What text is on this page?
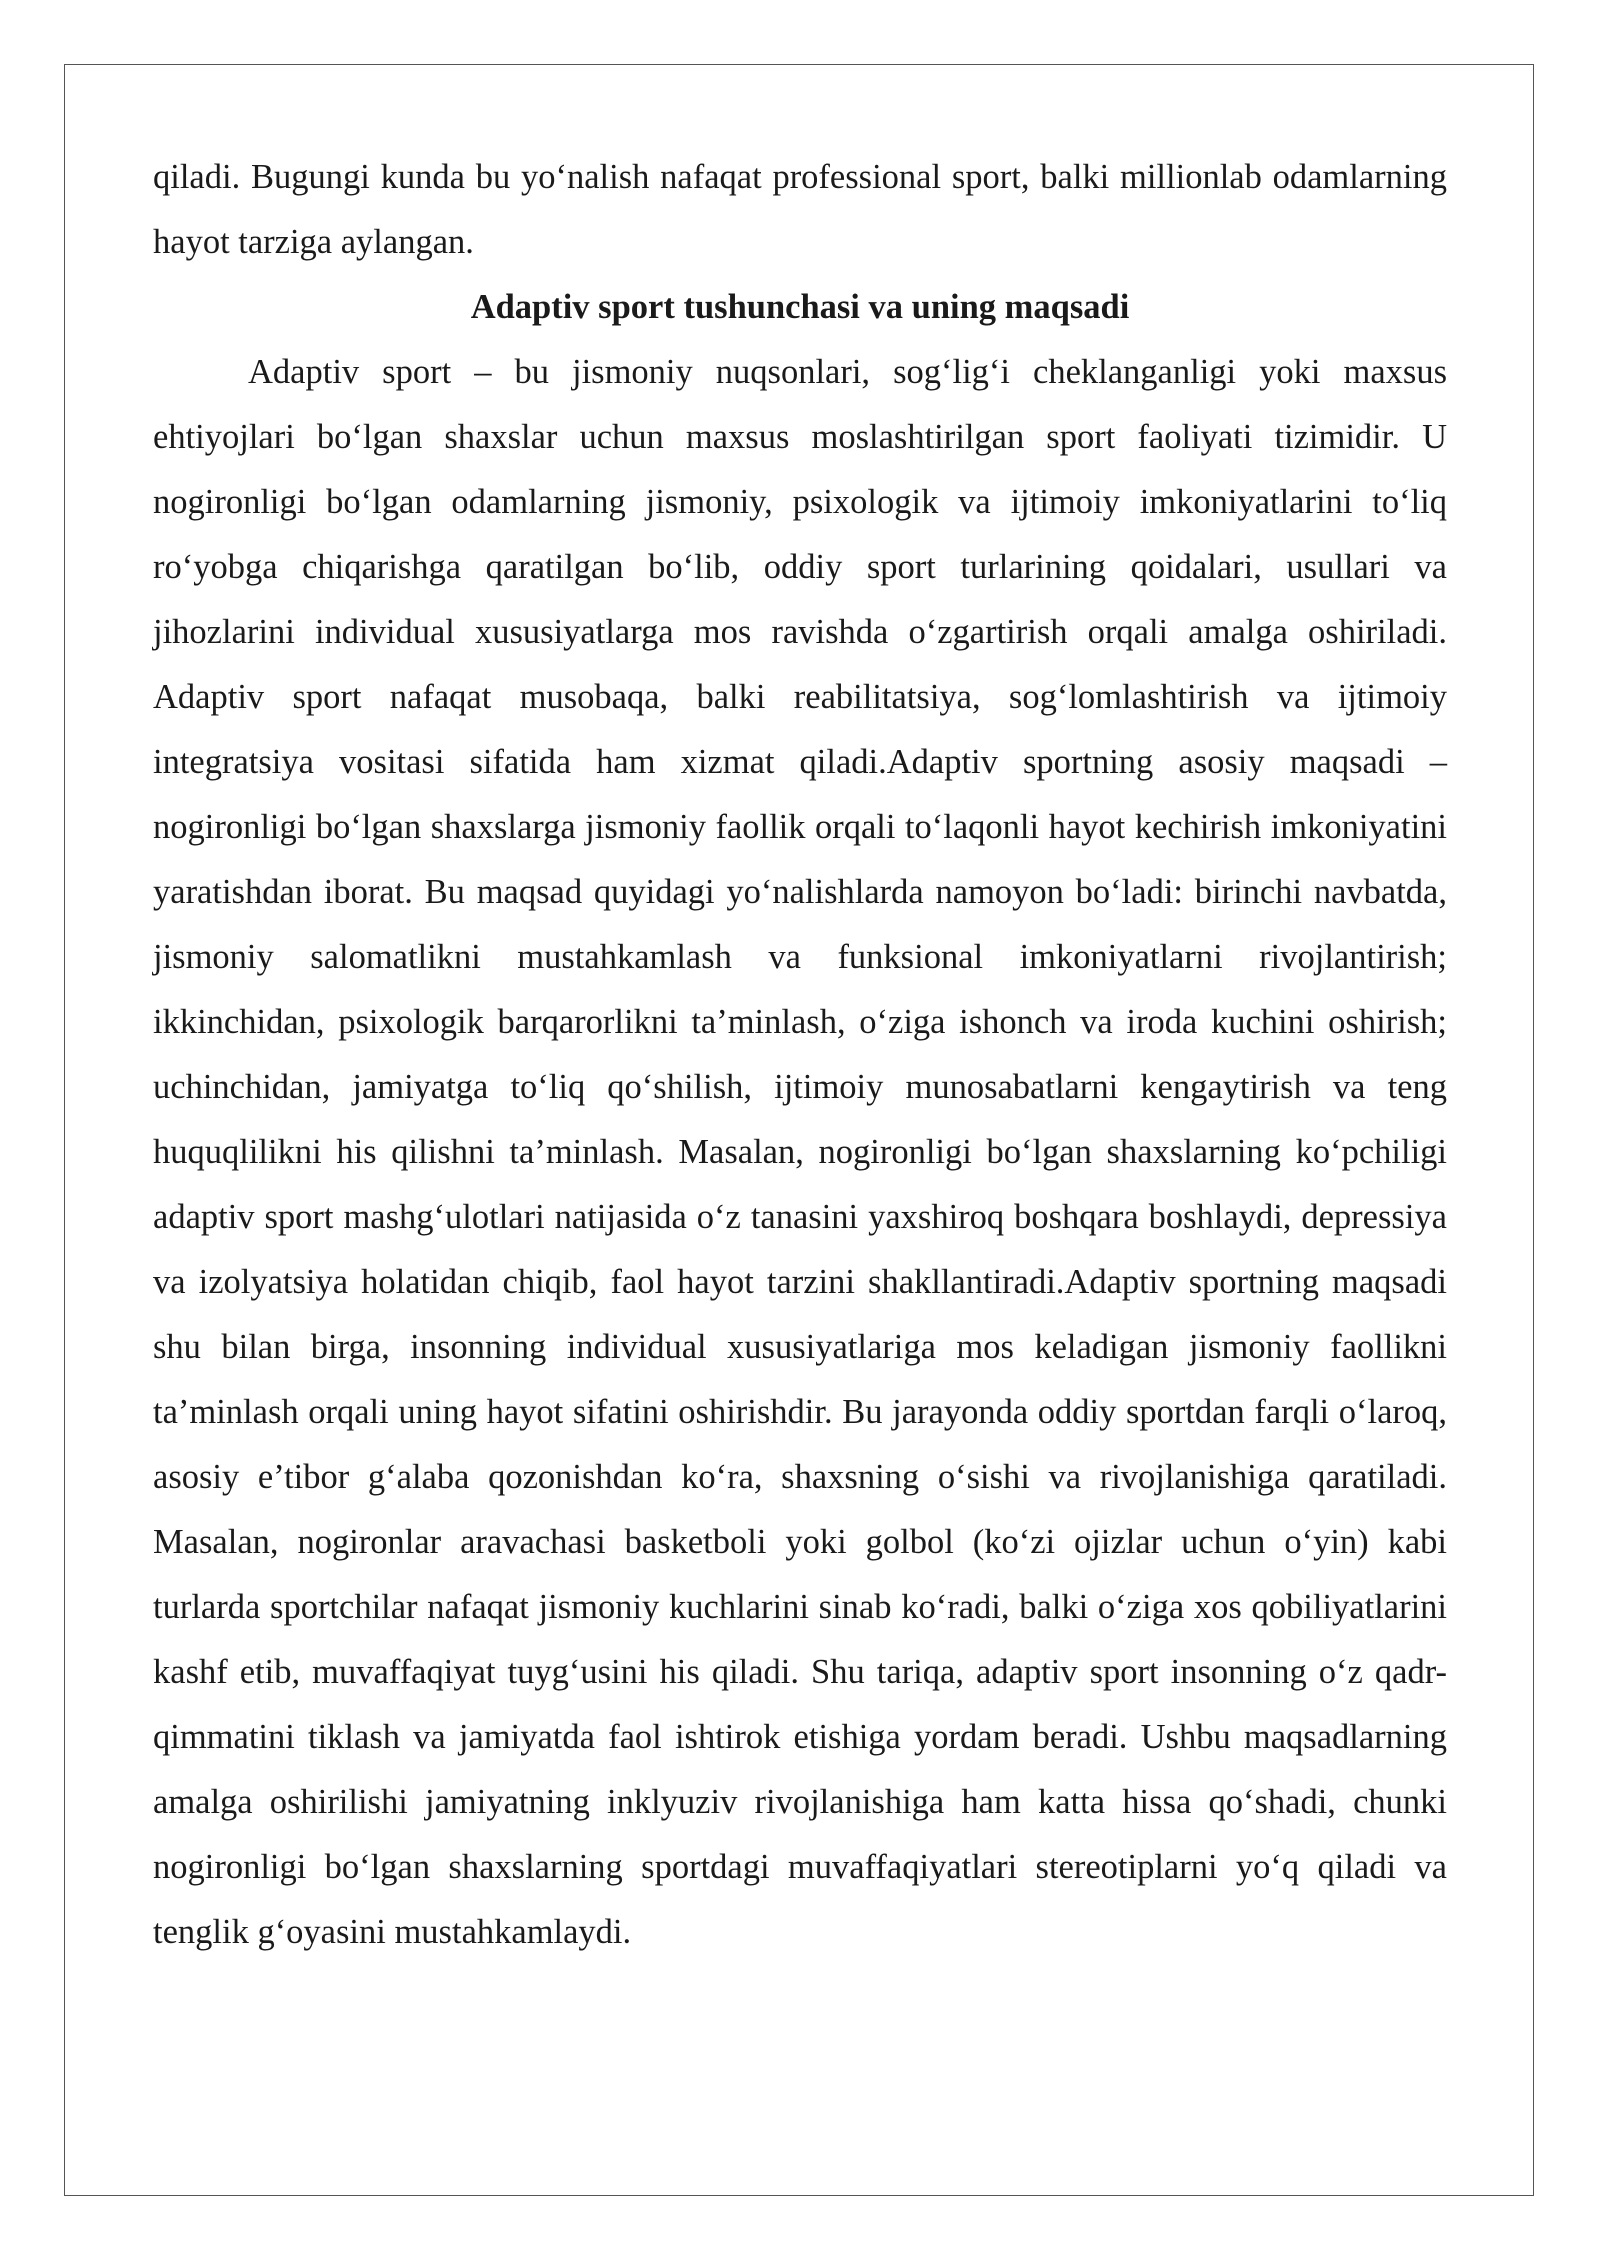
qiladi. Bugungi kunda bu yo‘nalish nafaqat professional sport, balki millionlab odamlarning hayot tarziga aylangan.

Adaptiv sport tushunchasi va uning maqsadi

Adaptiv sport – bu jismoniy nuqsonlari, sog‘lig‘i cheklanganligi yoki maxsus ehtiyojlari bo‘lgan shaxslar uchun maxsus moslashtirilgan sport faoliyati tizimidir. U nogironligi bo‘lgan odamlarning jismoniy, psixologik va ijtimoiy imkoniyatlarini to‘liq ro‘yobga chiqarishga qaratilgan bo‘lib, oddiy sport turlarining qoidalari, usullari va jihozlarini individual xususiyatlarga mos ravishda o‘zgartirish orqali amalga oshiriladi. Adaptiv sport nafaqat musobaqa, balki reabilitatsiya, sog‘lomlashtirish va ijtimoiy integratsiya vositasi sifatida ham xizmat qiladi.Adaptiv sportning asosiy maqsadi – nogironligi bo‘lgan shaxslarga jismoniy faollik orqali to‘laqonli hayot kechirish imkoniyatini yaratishdan iborat. Bu maqsad quyidagi yo‘nalishlarda namoyon bo‘ladi: birinchi navbatda, jismoniy salomatlikni mustahkamlash va funksional imkoniyatlarni rivojlantirish; ikkinchidan, psixologik barqarorlikni ta’minlash, o‘ziga ishonch va iroda kuchini oshirish; uchinchidan, jamiyatga to‘liq qo‘shilish, ijtimoiy munosabatlarni kengaytirish va teng huquqlilikni his qilishni ta’minlash. Masalan, nogironligi bo‘lgan shaxslarning ko‘pchiligi adaptiv sport mashg‘ulotlari natijasida o‘z tanasini yaxshiroq boshqara boshlaydi, depressiya va izolyatsiya holatidan chiqib, faol hayot tarzini shakllantiradi.Adaptiv sportning maqsadi shu bilan birga, insonning individual xususiyatlariga mos keladigan jismoniy faollikni ta’minlash orqali uning hayot sifatini oshirishdir. Bu jarayonda oddiy sportdan farqli o‘laroq, asosiy e’tibor g‘alaba qozonishdan ko‘ra, shaxsning o‘sishi va rivojlanishiga qaratiladi. Masalan, nogironlar aravachasi basketboli yoki golbol (ko‘zi ojizlar uchun o‘yin) kabi turlarda sportchilar nafaqat jismoniy kuchlarini sinab ko‘radi, balki o‘ziga xos qobiliyatlarini kashf etib, muvaffaqiyat tuyg‘usini his qiladi. Shu tariqa, adaptiv sport insonning o‘z qadr-qimmatini tiklash va jamiyatda faol ishtirok etishiga yordam beradi. Ushbu maqsadlarning amalga oshirilishi jamiyatning inklyuziv rivojlanishiga ham katta hissa qo‘shadi, chunki nogironligi bo‘lgan shaxslarning sportdagi muvaffaqiyatlari stereotiplarni yo‘q qiladi va tenglik g‘oyasini mustahkamlaydi.
